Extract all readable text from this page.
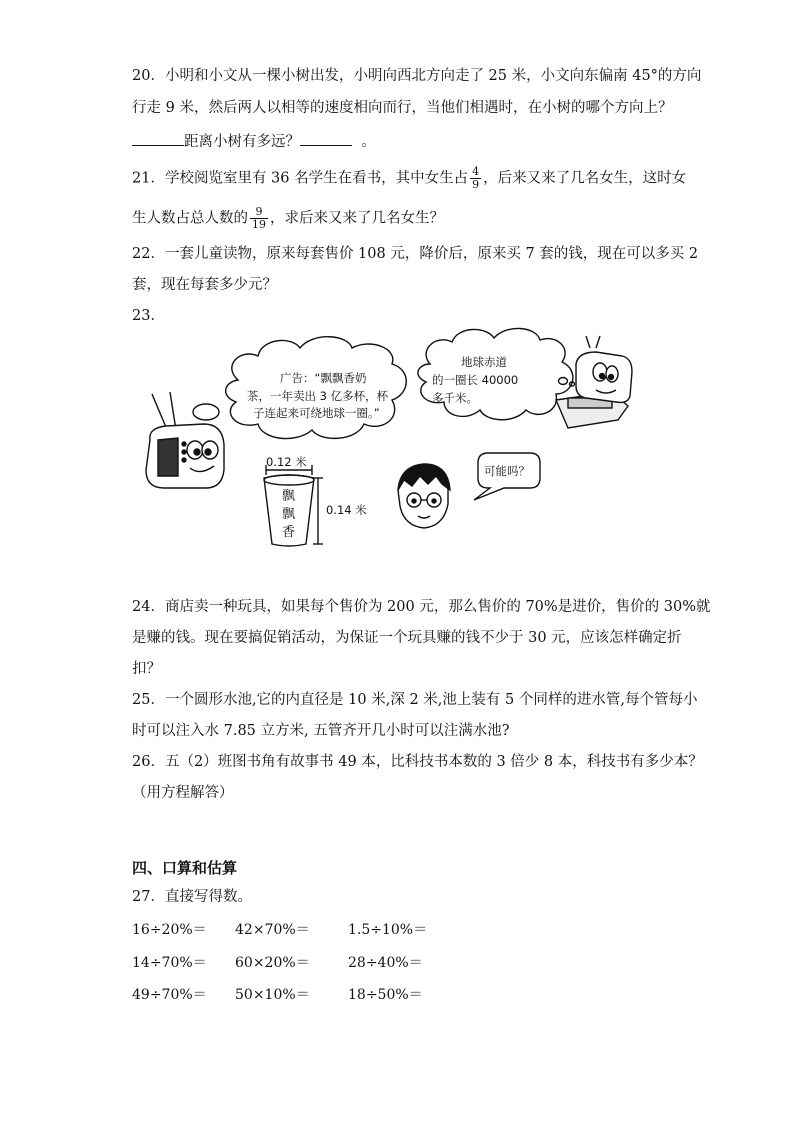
20．小明和小文从一棵小树出发，小明向西北方向走了 25 米，小文向东偏南 45°的方向
行走 9 米，然后两人以相等的速度相向而行，当他们相遇时，在小树的哪个方向上？
距离小树有多远？	。
21．学校阅览室里有 36 名学生在看书，其中女生占 $\frac{4}{9}$ ，后来又来了几名女生，这时女
生人数占总人数的 $\frac{9}{19}$ ，求后来又来了几名女生？
22．一套儿童读物，原来每套售价 108 元，降价后，原来买 7 套的钱，现在可以多买 2
套，现在每套多少元？
23．
广告：“飘飘香奶
茶，一年卖出 3 亿多杯，杯
子连起来可绕地球一圈。”
地球赤道
的一圈长 40000
多千米。
可能吗？
0.12 米
0.14 米
飘
飘
香
24．商店卖一种玩具，如果每个售价为 200 元，那么售价的 70%是进价，售价的 30%就
是赚的钱。现在要搞促销活动，为保证一个玩具赚的钱不少于 30 元，应该怎样确定折
扣？
25．一个圆形水池,它的内直径是 10 米,深 2 米,池上装有 5 个同样的进水管,每个管每小
时可以注入水 7.85 立方米, 五管齐开几小时可以注满水池?
26．五（2）班图书角有故事书 49 本，比科技书本数的 3 倍少 8 本，科技书有多少本？
（用方程解答）
四、口算和估算
27．直接写得数。
16÷20%＝ 42×70%＝	1.5÷10%＝
14÷70%＝ 60×20%＝	28÷40%＝
49÷70%＝ 50×10%＝	18÷50%＝
